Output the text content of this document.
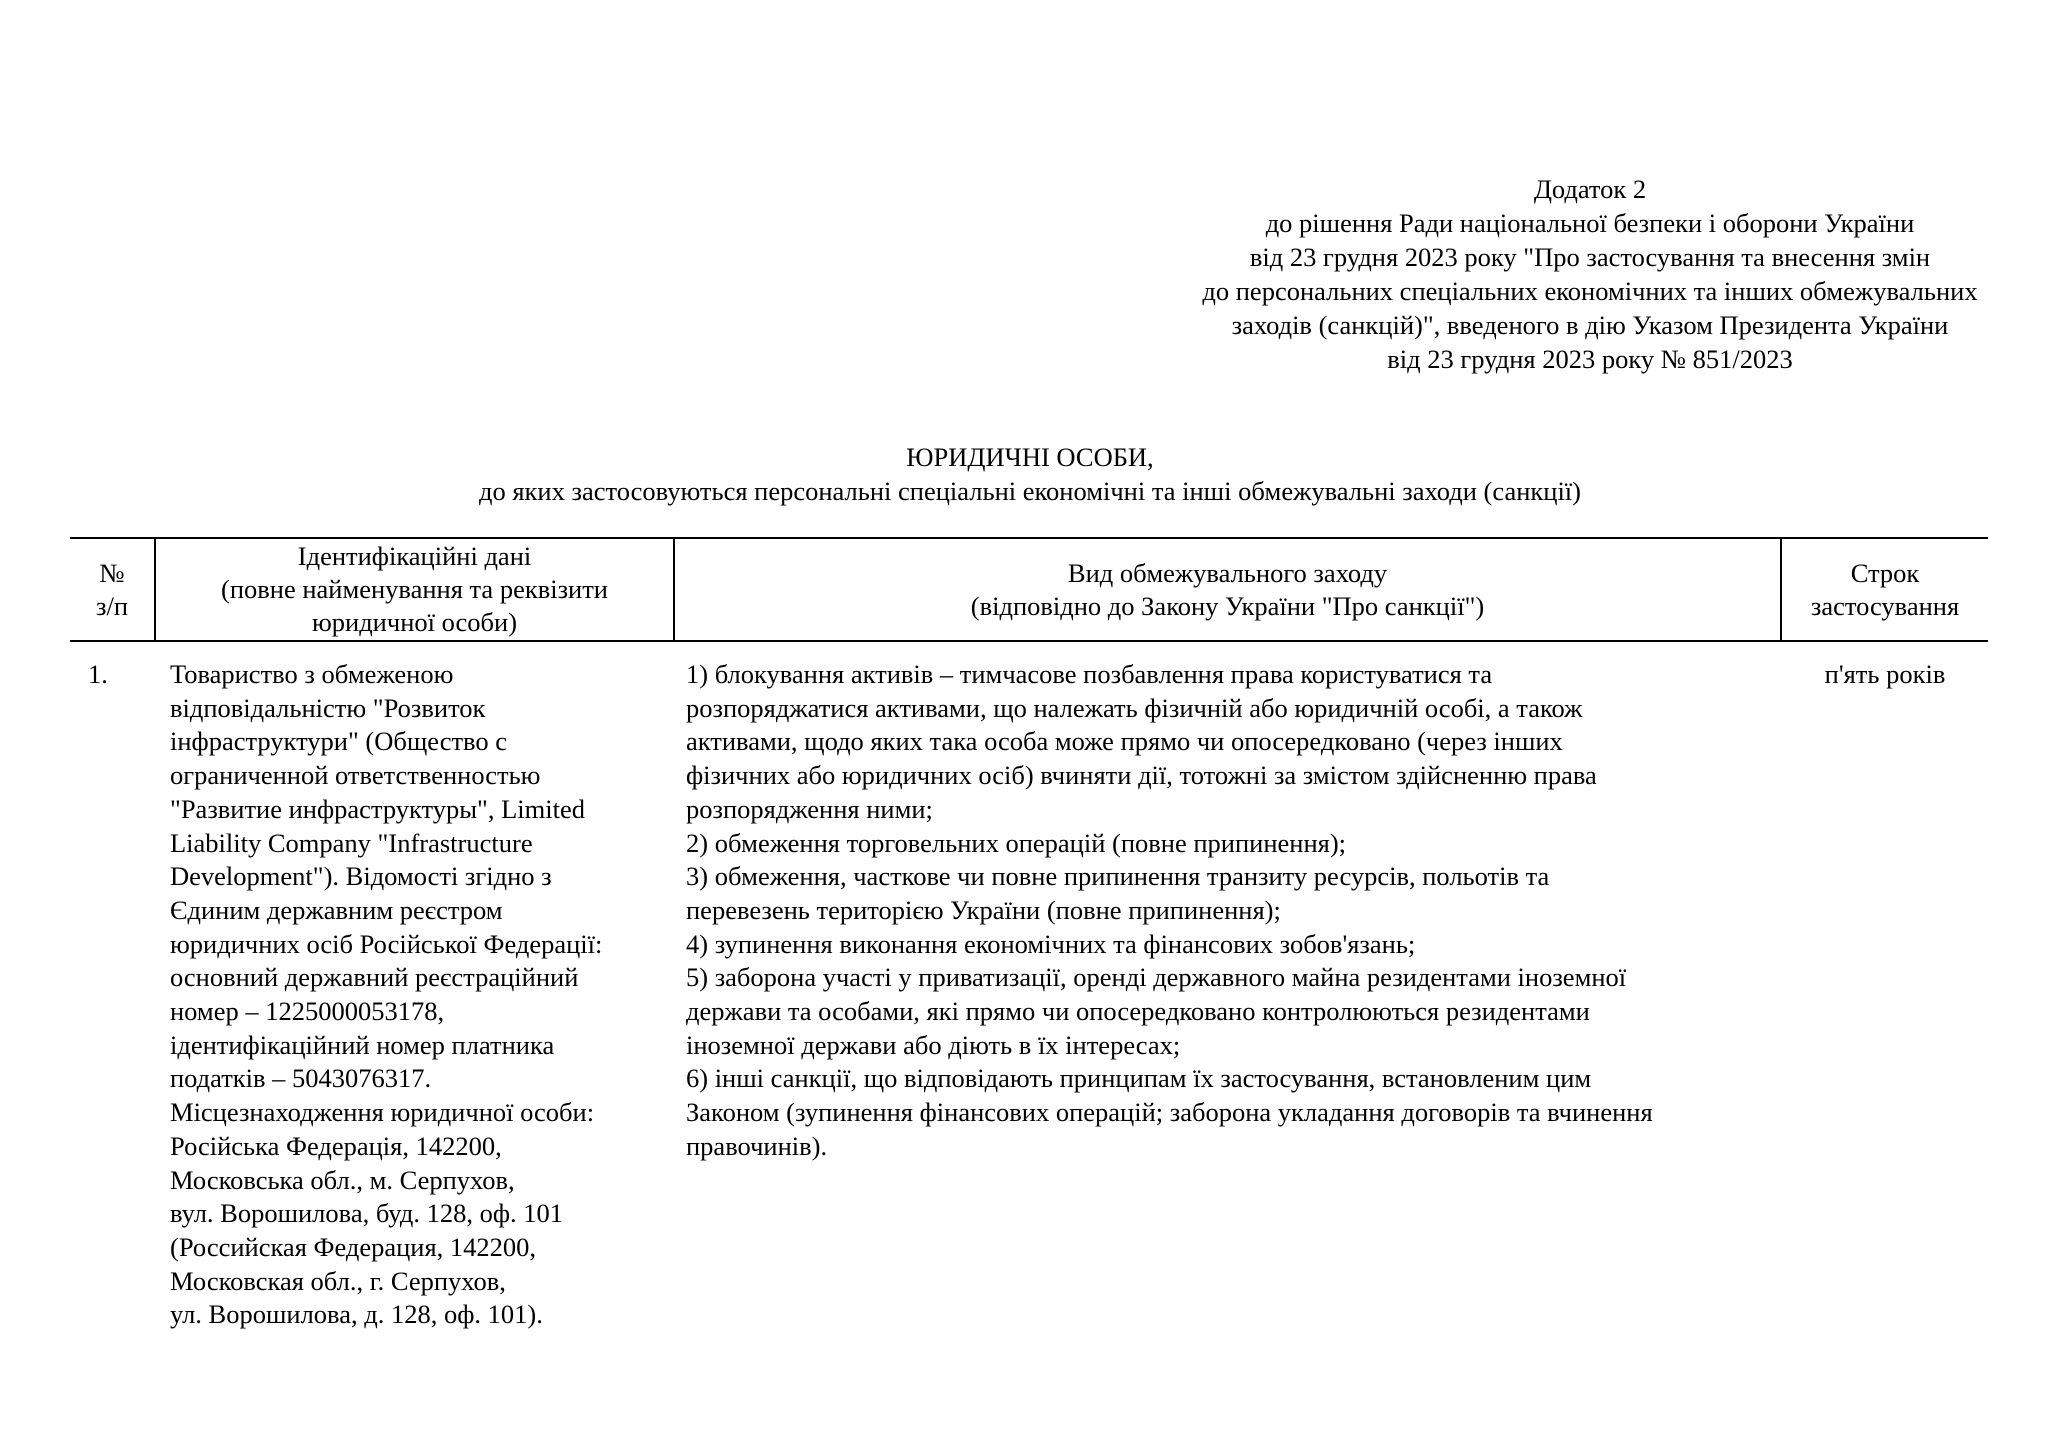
Додаток 2
до рішення Ради національної безпеки і оборони України
від 23 грудня 2023 року "Про застосування та внесення змін
до персональних спеціальних економічних та інших обмежувальних
заходів (санкцій)", введеного в дію Указом Президента України
від 23 грудня 2023 року № 851/2023
ЮРИДИЧНІ ОСОБИ,
до яких застосовуються персональні спеціальні економічні та інші обмежувальні заходи (санкції)
№
з/п
Ідентифікаційні дані
(повне найменування та реквізити
юридичної особи)
Вид обмежувального заходу
(відповідно до Закону України "Про санкції")
Строк
застосування
1. Товариство з обмеженою
відповідальністю "Розвиток
інфраструктури" (Общество с
ограниченной ответственностью
"Развитие инфраструктуры", Limited
Liability Company "Infrastructure
Development"). Відомості згідно з
Єдиним державним реєстром
юридичних осіб Російської Федерації:
основний державний реєстраційний
номер – 1225000053178,
ідентифікаційний номер платника
податків – 5043076317.
Місцезнаходження юридичної особи:
Російська Федерація, 142200,
Московська обл., м. Серпухов,
вул. Ворошилова, буд. 128, оф. 101
(Российская Федерация, 142200,
Московская обл., г. Серпухов,
ул. Ворошилова, д. 128, оф. 101).
1) блокування активів – тимчасове позбавлення права користуватися та
розпоряджатися активами, що належать фізичній або юридичній особі, а також
активами, щодо яких така особа може прямо чи опосередковано (через інших
фізичних або юридичних осіб) вчиняти дії, тотожні за змістом здійсненню права
розпорядження ними;
2) обмеження торговельних операцій (повне припинення);
3) обмеження, часткове чи повне припинення транзиту ресурсів, польотів та
перевезень територією України (повне припинення);
4) зупинення виконання економічних та фінансових зобов'язань;
5) заборона участі у приватизації, оренді державного майна резидентами іноземної
держави та особами, які прямо чи опосередковано контролюються резидентами
іноземної держави або діють в їх інтересах;
6) інші санкції, що відповідають принципам їх застосування, встановленим цим
Законом (зупинення фінансових операцій; заборона укладання договорів та вчинення
правочинів).
п'ять років
